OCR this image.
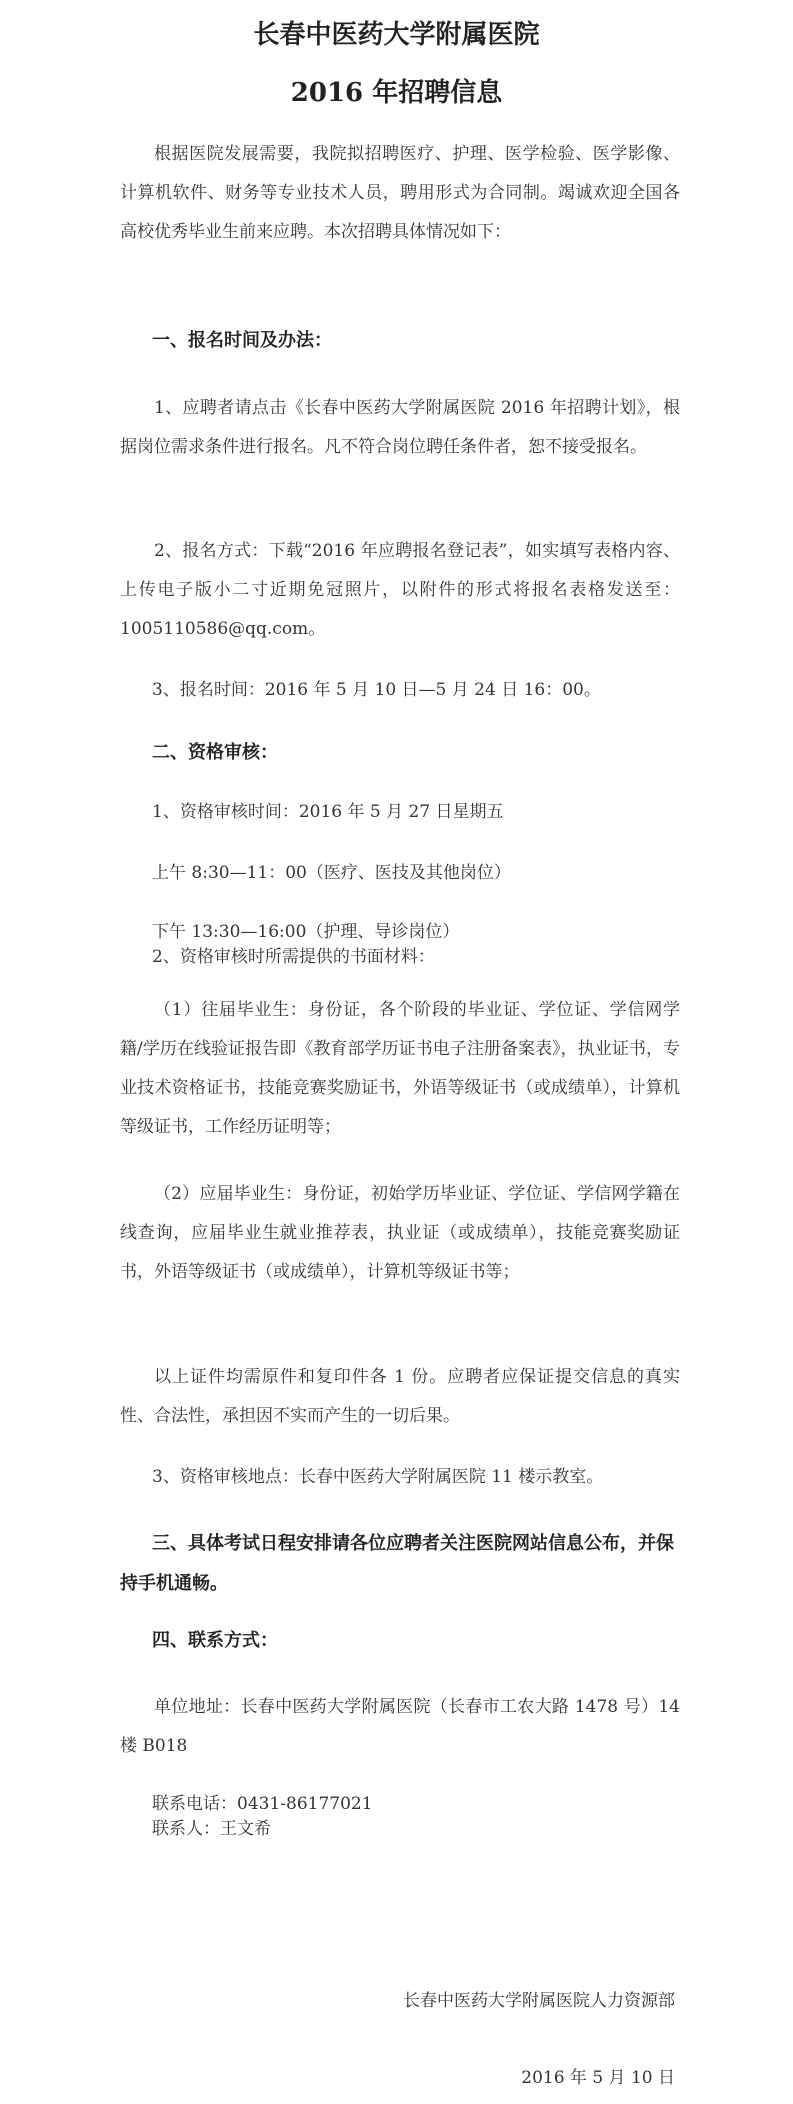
长春中医药大学附属医院
2016 年招聘信息
根据医院发展需要，我院拟招聘医疗、护理、医学检验、医学影像、计算机软件、财务等专业技术人员，聘用形式为合同制。竭诚欢迎全国各高校优秀毕业生前来应聘。本次招聘具体情况如下：
一、报名时间及办法：
1、应聘者请点击《长春中医药大学附属医院 2016 年招聘计划》，根据岗位需求条件进行报名。凡不符合岗位聘任条件者，恕不接受报名。
2、报名方式：下载“2016 年应聘报名登记表”，如实填写表格内容、上传电子版小二寸近期免冠照片，以附件的形式将报名表格发送至：1005110586@qq.com。
3、报名时间：2016 年 5 月 10 日—5 月 24 日 16：00。
二、资格审核：
1、资格审核时间：2016 年 5 月 27 日星期五
上午 8:30—11：00（医疗、医技及其他岗位）
下午 13:30—16:00（护理、导诊岗位）
2、资格审核时所需提供的书面材料：
（1）往届毕业生：身份证，各个阶段的毕业证、学位证、学信网学籍/学历在线验证报告即《教育部学历证书电子注册备案表》，执业证书，专业技术资格证书，技能竞赛奖励证书，外语等级证书（或成绩单），计算机等级证书，工作经历证明等；
（2）应届毕业生：身份证，初始学历毕业证、学位证、学信网学籍在线查询，应届毕业生就业推荐表，执业证（或成绩单），技能竞赛奖励证书，外语等级证书（或成绩单），计算机等级证书等；
以上证件均需原件和复印件各 1 份。应聘者应保证提交信息的真实性、合法性，承担因不实而产生的一切后果。
3、资格审核地点：长春中医药大学附属医院 11 楼示教室。
三、具体考试日程安排请各位应聘者关注医院网站信息公布，并保持手机通畅。
四、联系方式：
单位地址：长春中医药大学附属医院（长春市工农大路 1478 号）14 楼 B018
联系电话：0431-86177021
联系人：王文希
长春中医药大学附属医院人力资源部
2016 年 5 月 10 日
